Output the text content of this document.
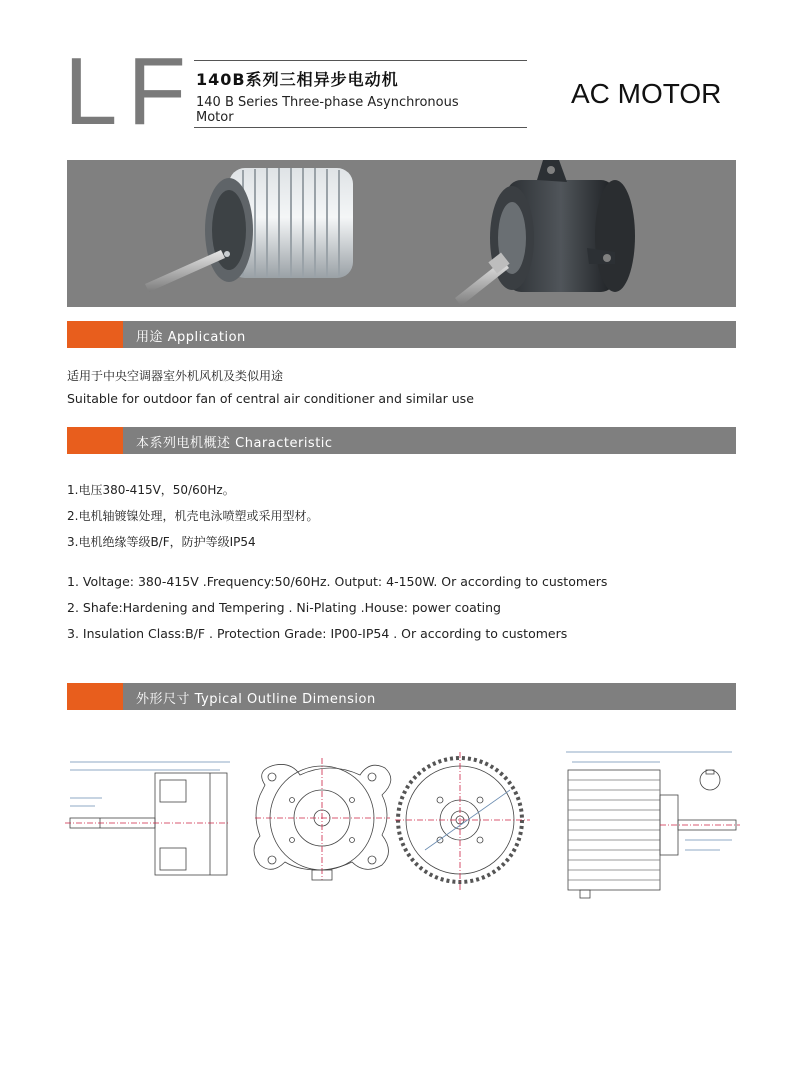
LF 140B系列三相异步电动机
140 B Series Three-phase Asynchronous Motor
AC MOTOR
用途 Application
适用于中央空调器室外机风机及类似用途
Suitable for outdoor fan of central air conditioner and similar use
本系列电机概述 Characteristic
1.电压380-415V，50/60Hz。
2.电机轴镀镍处理，机壳电泳喷塑或采用型材。
3.电机绝缘等级B/F，防护等级IP54
1. Voltage: 380-415V .Frequency:50/60Hz. Output: 4-150W. Or according to customers
2. Shafe:Hardening and Tempering . Ni-Plating .House: power coating
3. Insulation Class:B/F . Protection Grade: IP00-IP54 . Or according to customers
外形尺寸 Typical Outline Dimension
